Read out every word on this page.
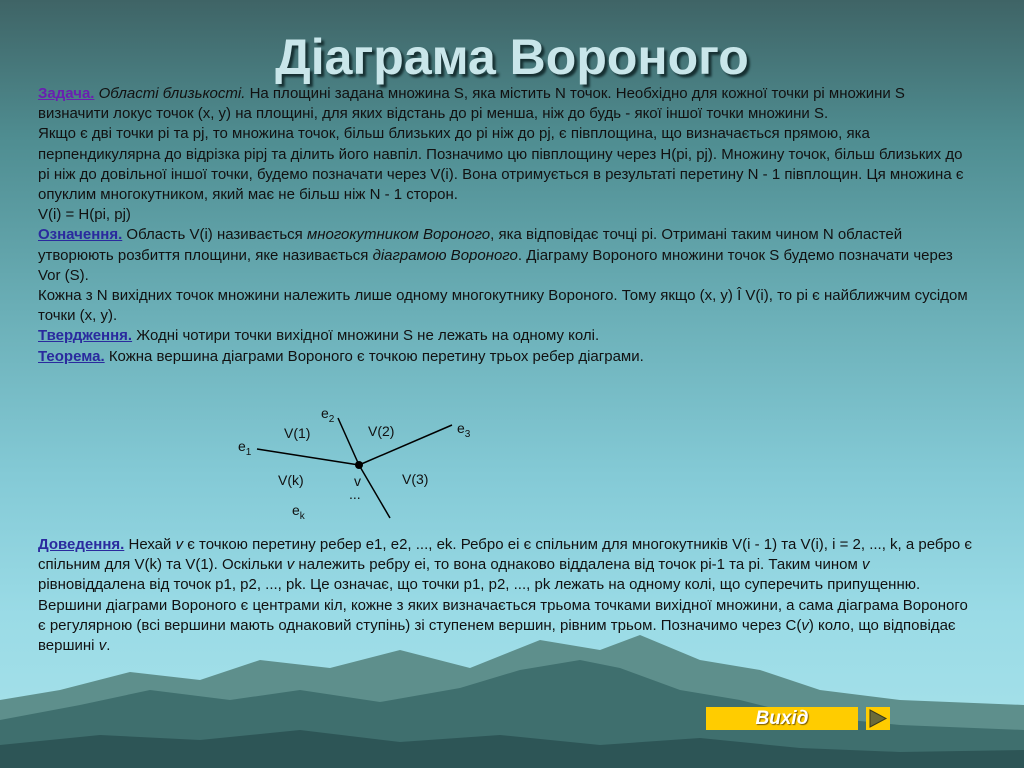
Діаграма Вороного

Задача. Області близькості. На площині задана множина S, яка містить N точок. Необхідно для кожної точки pi множини S визначити локус точок (x, y) на площині, для яких відстань до pi менша, ніж до будь - якої іншої точки множини S.

Якщо є дві точки pi та pj, то множина точок, більш близьких до pi ніж до pj, є півплощина, що визначається прямою, яка перпендикулярна до відрізка pipj та ділить його навпіл. Позначимо цю півплощину через H(pi, pj). Множину точок, більш близьких до pi ніж до довільної іншої точки, будемо позначати через V(i). Вона отримується в результаті перетину N - 1 півплощин. Ця множина є опуклим многокутником, який має не більш ніж N - 1 сторон.

V(i) = H(pi, pj)

Означення. Область V(i) називається многокутником Вороного, яка відповідає точці pi. Отримані таким чином N областей утворюють розбиття площини, яке називається діаграмою Вороного. Діаграму Вороного множини точок S будемо позначати через Vor (S).

Кожна з N вихідних точок множини належить лише одному многокутнику Вороного. Тому якщо (x, y) Î V(i), то pi є найближчим сусідом точки (x, y).

Твердження. Жодні чотири точки вихідної множини S не лежать на одному колі.

Теорема. Кожна вершина діаграми Вороного є точкою перетину трьох ребер діаграми.

$e_2$
$e_3$
$e_1$
$e_k$
V(1)	V(2)
V(3)
V(k)	v
...

Доведення. Нехай v є точкою перетину ребер e1, e2, ..., ek. Ребро ei є спільним для многокутників V(i - 1) та V(i), i = 2, ..., k, а ребро є спільним для V(k) та V(1). Оскільки v належить ребру ei, то вона однаково віддалена від точок pi-1 та pi. Таким чином v рівновіддалена від точок p1, p2, ..., pk. Це означає, що точки p1, p2, ..., pk лежать на одному колі, що суперечить припущенню.

Вершини діаграми Вороного є центрами кіл, кожне з яких визначається трьома точками вихідної множини, а сама діаграма Вороного є регулярною (всі вершини мають однаковий ступінь) зі ступенем вершин, рівним трьом. Позначимо через С(v) коло, що відповідає вершині v.

Вихід
